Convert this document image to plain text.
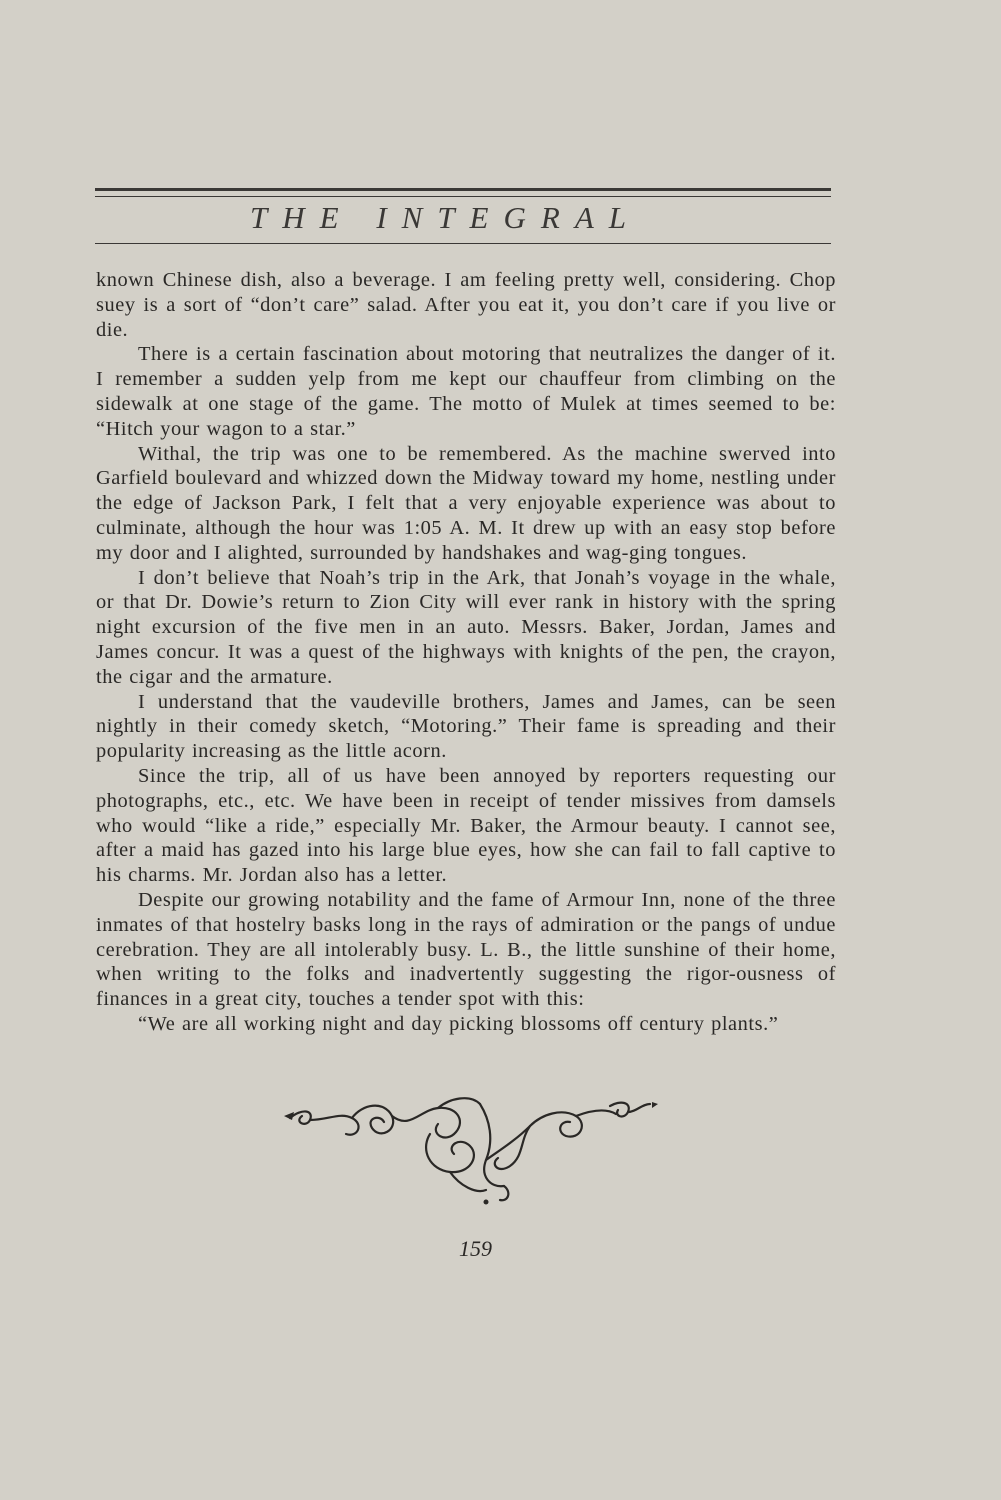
THE INTEGRAL

known Chinese dish, also a beverage. I am feeling pretty well, considering. Chop suey is a sort of “don’t care” salad. After you eat it, you don’t care if you live or die.

There is a certain fascination about motoring that neutralizes the danger of it. I remember a sudden yelp from me kept our chauffeur from climbing on the sidewalk at one stage of the game. The motto of Mulek at times seemed to be: “Hitch your wagon to a star.”

Withal, the trip was one to be remembered. As the machine swerved into Garfield boulevard and whizzed down the Midway toward my home, nestling under the edge of Jackson Park, I felt that a very enjoyable experience was about to culminate, although the hour was 1:05 A. M. It drew up with an easy stop before my door and I alighted, surrounded by handshakes and wag-ging tongues.

I don’t believe that Noah’s trip in the Ark, that Jonah’s voyage in the whale, or that Dr. Dowie’s return to Zion City will ever rank in history with the spring night excursion of the five men in an auto. Messrs. Baker, Jordan, James and James concur. It was a quest of the highways with knights of the pen, the crayon, the cigar and the armature.

I understand that the vaudeville brothers, James and James, can be seen nightly in their comedy sketch, “Motoring.” Their fame is spreading and their popularity increasing as the little acorn.

Since the trip, all of us have been annoyed by reporters requesting our photographs, etc., etc. We have been in receipt of tender missives from damsels who would “like a ride,” especially Mr. Baker, the Armour beauty. I cannot see, after a maid has gazed into his large blue eyes, how she can fail to fall captive to his charms. Mr. Jordan also has a letter.

Despite our growing notability and the fame of Armour Inn, none of the three inmates of that hostelry basks long in the rays of admiration or the pangs of undue cerebration. They are all intolerably busy. L. B., the little sunshine of their home, when writing to the folks and inadvertently suggesting the rigor-ousness of finances in a great city, touches a tender spot with this:

“We are all working night and day picking blossoms off century plants.”

159
